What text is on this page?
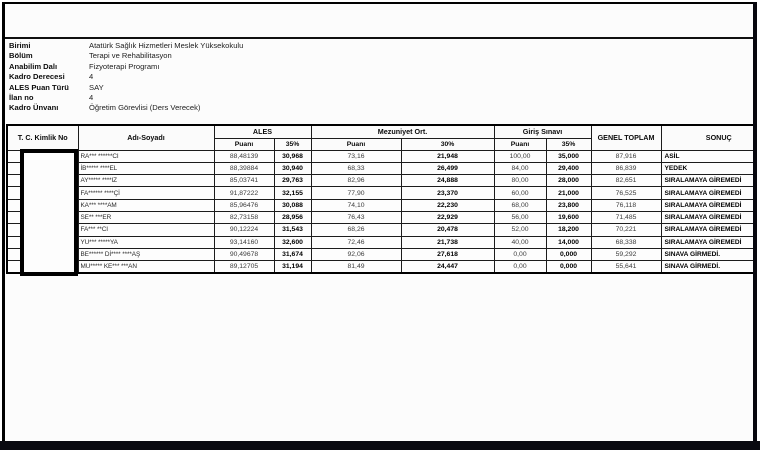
Birimi	Atatürk Sağlık Hizmetleri Meslek Yüksekokulu
Bölüm	Terapi ve Rehabilitasyon
Anabilim Dalı	Fizyoterapi Programı
Kadro Derecesi	4
ALES Puan Türü	SAY
İlan no	4
Kadro Ünvanı	Öğretim Görevlisi (Ders Verecek)
T. C. Kimlik No	Adı-Soyadı	ALES		Mezuniyet Ort.		Giriş Sınavı		GENEL TOPLAM	SONUÇ
		Puanı	35%	Puanı	30%	Puanı	35%		
	RA*** ******CI	88,48139	30,968	73,16	21,948	100,00	35,000	87,916	ASİL
	İB***** ****EL	88,39884	30,940	68,33	26,499	84,00	29,400	86,839	YEDEK
	AY***** ****IZ	85,03741	29,763	82,96	24,888	80,00	28,000	82,651	SIRALAMAYA GİREMEDİ
	FA****** ****Çİ	91,87222	32,155	77,90	23,370	60,00	21,000	76,525	SIRALAMAYA GİREMEDİ
	KA*** ****AM	85,96476	30,088	74,10	22,230	68,00	23,800	76,118	SIRALAMAYA GİREMEDİ
	SE** ***ER	82,73158	28,956	76,43	22,929	56,00	19,600	71,485	SIRALAMAYA GİREMEDİ
	FA*** **CI	90,12224	31,543	68,26	20,478	52,00	18,200	70,221	SIRALAMAYA GİREMEDİ
	YU*** *****YA	93,14160	32,600	72,46	21,738	40,00	14,000	68,338	SIRALAMAYA GİREMEDİ
	BE****** Dİ**** ****AŞ	90,49678	31,674	92,06	27,618	0,00	0,000	59,292	SINAVA GİRMEDİ.
	MU***** KE*** ***AN	89,12705	31,194	81,49	24,447	0,00	0,000	55,641	SINAVA GİRMEDİ.
